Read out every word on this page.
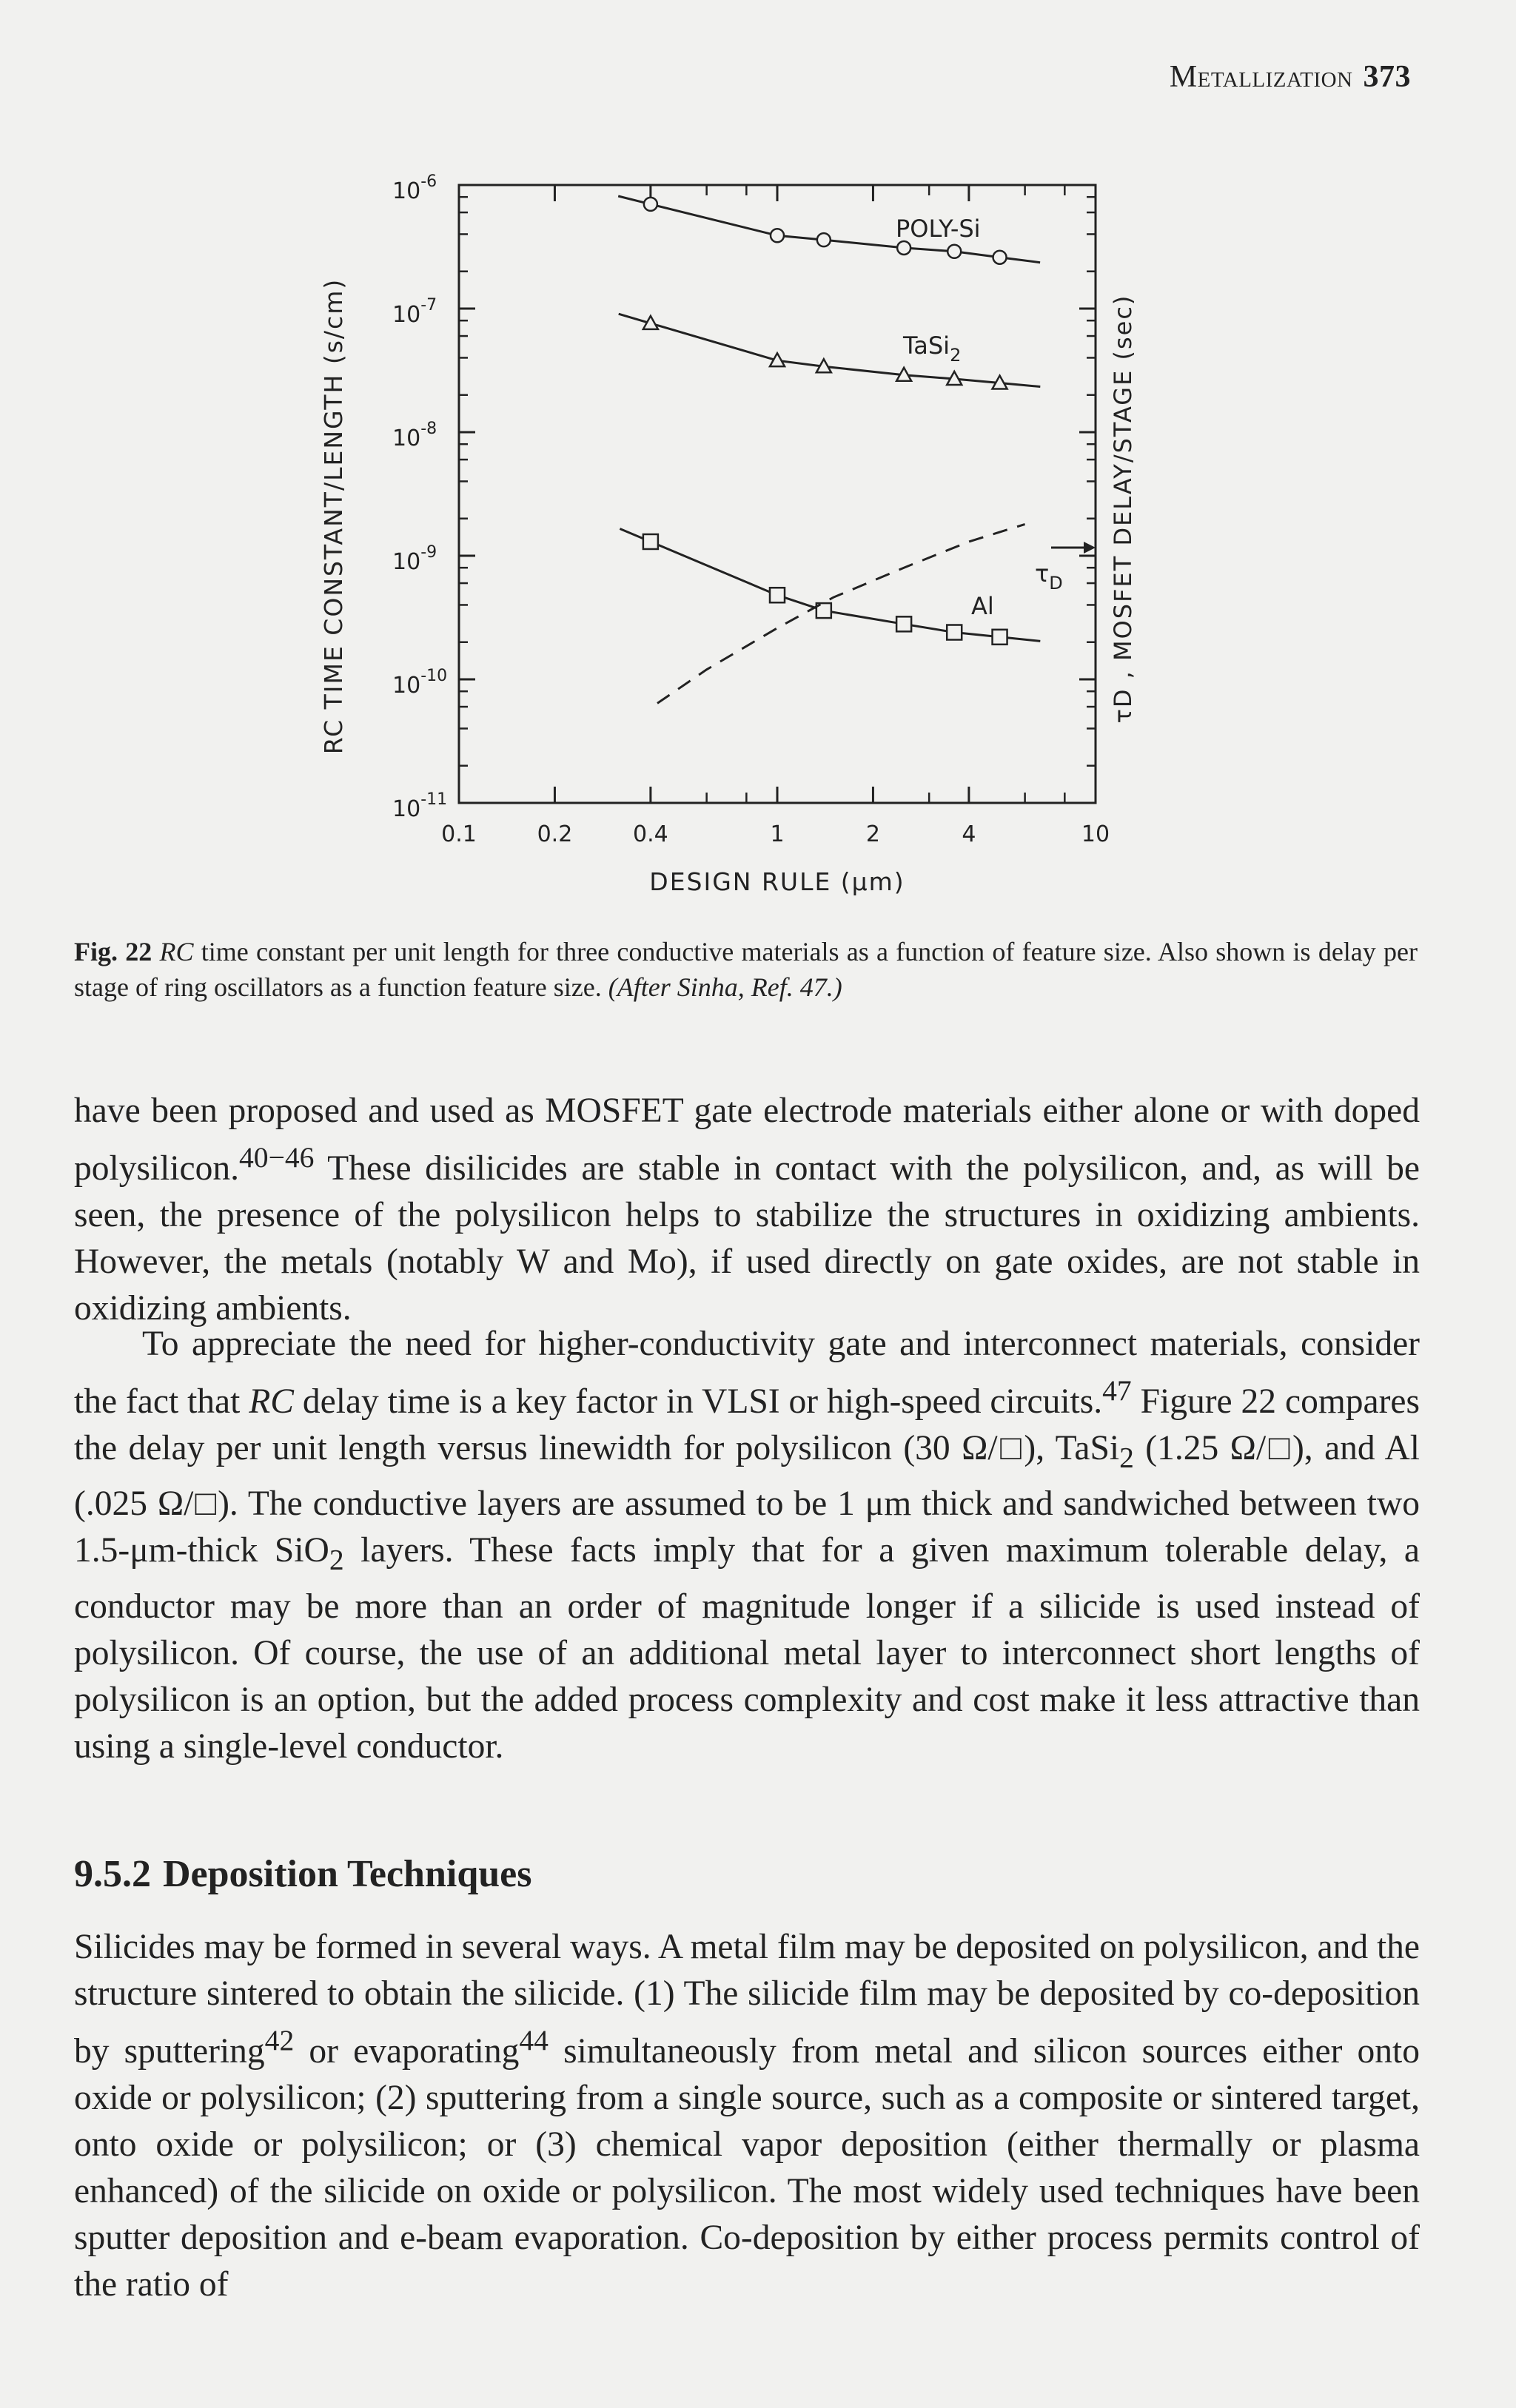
Metallization 373
$10^{-6}$
$10^{-7}$
$10^{-8}$
$10^{-9}$
$10^{-10}$
$10^{-11}$
0.1	0.2	0.4	1	2	4	10
DESIGN RULE (μm)
RC TIME CONSTANT/LENGTH (s/cm)	τD , MOSFET DELAY/STAGE (sec)
POLY-Si
TaSi$_2$
Al
$\tau_D$
Fig. 22 RC time constant per unit length for three conductive materials as a function of feature size. Also shown is delay per stage of ring oscillators as a function feature size. (After Sinha, Ref. 47.)

have been proposed and used as MOSFET gate electrode materials either alone or with doped polysilicon.$^{40-46}$ These disilicides are stable in contact with the polysilicon, and, as will be seen, the presence of the polysilicon helps to stabilize the structures in oxidizing ambients. However, the metals (notably W and Mo), if used directly on gate oxides, are not stable in oxidizing ambients.

To appreciate the need for higher-conductivity gate and interconnect materials, consider the fact that RC delay time is a key factor in VLSI or high-speed circuits.$^{47}$ Figure 22 compares the delay per unit length versus linewidth for polysilicon (30 Ω/□), TaSi$_2$ (1.25 Ω/□), and Al (.025 Ω/□). The conductive layers are assumed to be 1 μm thick and sandwiched between two 1.5-μm-thick SiO$_2$ layers. These facts imply that for a given maximum tolerable delay, a conductor may be more than an order of magnitude longer if a silicide is used instead of polysilicon. Of course, the use of an additional metal layer to interconnect short lengths of polysilicon is an option, but the added process complexity and cost make it less attractive than using a single-level conductor.

9.5.2 Deposition Techniques

Silicides may be formed in several ways. A metal film may be deposited on polysilicon, and the structure sintered to obtain the silicide. (1) The silicide film may be deposited by co-deposition by sputtering$^{42}$ or evaporating$^{44}$ simultaneously from metal and silicon sources either onto oxide or polysilicon; (2) sputtering from a single source, such as a composite or sintered target, onto oxide or polysilicon; or (3) chemical vapor deposition (either thermally or plasma enhanced) of the silicide on oxide or polysilicon. The most widely used techniques have been sputter deposition and e-beam evaporation. Co-deposition by either process permits control of the ratio of
